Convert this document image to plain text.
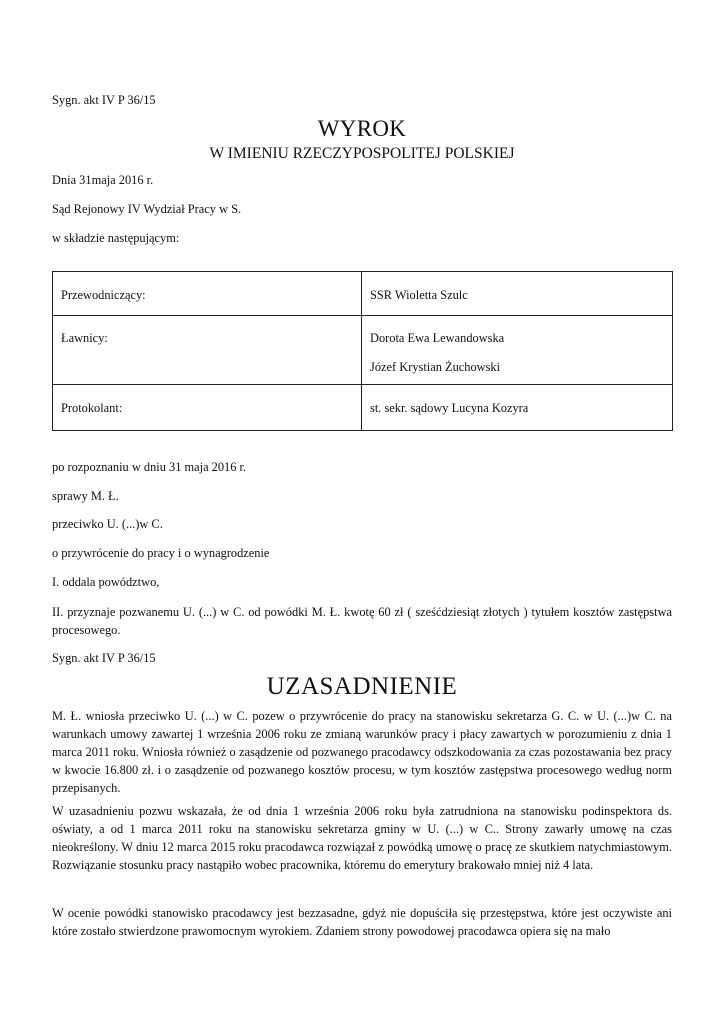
Sygn. akt IV P 36/15
WYROK
W IMIENIU RZECZYPOSPOLITEJ POLSKIEJ
Dnia 31maja 2016 r.
Sąd Rejonowy IV Wydział Pracy w S.
w składzie następującym:
Przewodniczący:	SSR Wioletta Szulc

Ławnicy:	Dorota Ewa Lewandowska
Józef Krystian Żuchowski

Protokolant:	st. sekr. sądowy Lucyna Kozyra
po rozpoznaniu w dniu 31 maja 2016 r.
sprawy M. Ł.
przeciwko U. (...)w C.
o przywrócenie do pracy i o wynagrodzenie
I. oddala powództwo,
II. przyznaje pozwanemu U. (...) w C. od powódki M. Ł. kwotę 60 zł ( sześćdziesiąt złotych ) tytułem kosztów zastępstwa procesowego.
Sygn. akt IV P 36/15
UZASADNIENIE
M. Ł. wniosła przeciwko U. (...) w C. pozew o przywrócenie do pracy na stanowisku sekretarza G. C. w U. (...)w C. na warunkach umowy zawartej 1 września 2006 roku ze zmianą warunków pracy i płacy zawartych w porozumieniu z dnia 1 marca 2011 roku. Wniosła również o zasądzenie od pozwanego pracodawcy odszkodowania za czas pozostawania bez pracy w kwocie 16.800 zł. i o zasądzenie od pozwanego kosztów procesu, w tym kosztów zastępstwa procesowego według norm przepisanych.
W uzasadnieniu pozwu wskazała, że od dnia 1 września 2006 roku była zatrudniona na stanowisku podinspektora ds. oświaty, a od 1 marca 2011 roku na stanowisku sekretarza gminy w U. (...) w C.. Strony zawarły umowę na czas nieokreślony. W dniu 12 marca 2015 roku pracodawca rozwiązał z powódką umowę o pracę ze skutkiem natychmiastowym. Rozwiązanie stosunku pracy nastąpiło wobec pracownika, któremu do emerytury brakowało mniej niż 4 lata.
W ocenie powódki stanowisko pracodawcy jest bezzasadne, gdyż nie dopuściła się przestępstwa, które jest oczywiste ani które zostało stwierdzone prawomocnym wyrokiem. Zdaniem strony powodowej pracodawca opiera się na mało
